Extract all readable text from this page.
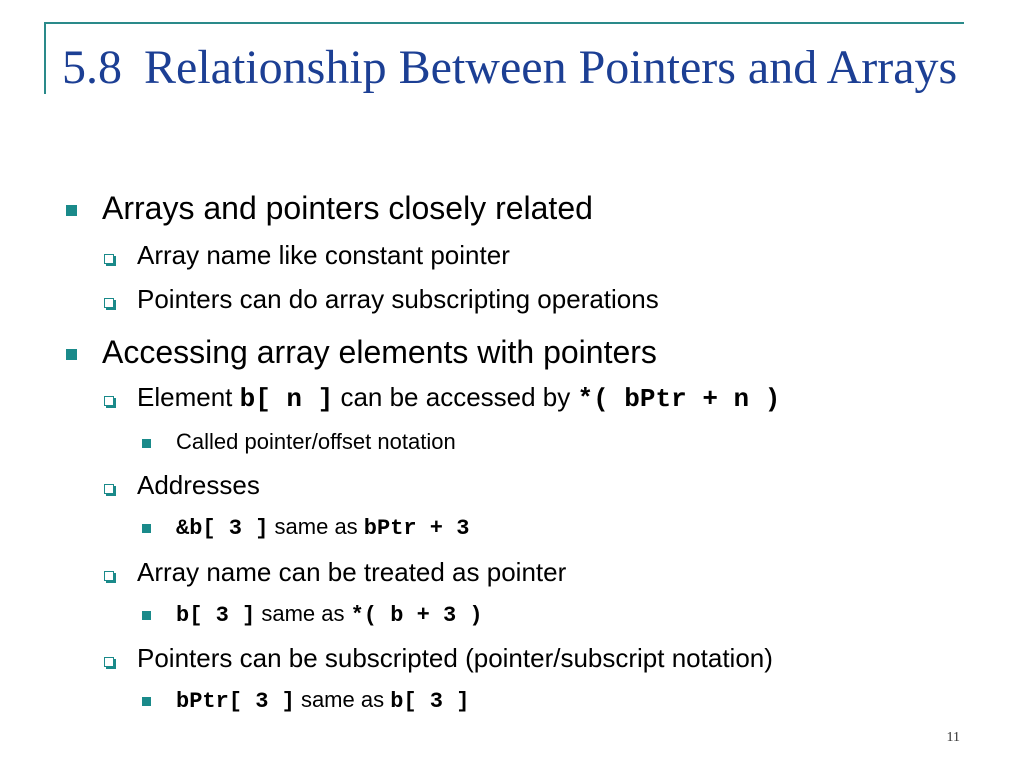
5.8 Relationship Between Pointers and Arrays
Arrays and pointers closely related
Array name like constant pointer
Pointers can do array subscripting operations
Accessing array elements with pointers
Element b[ n ] can be accessed by *( bPtr + n )
Called pointer/offset notation
Addresses
&b[ 3 ] same as bPtr + 3
Array name can be treated as pointer
b[ 3 ] same as *( b + 3 )
Pointers can be subscripted (pointer/subscript notation)
bPtr[ 3 ] same as b[ 3 ]
11
